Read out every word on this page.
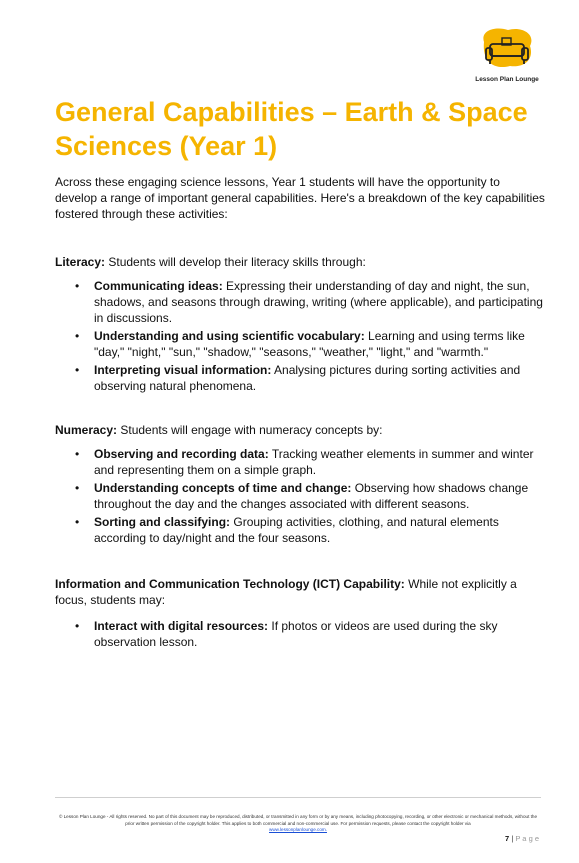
Lesson Plan Lounge
General Capabilities – Earth & Space Sciences (Year 1)

Across these engaging science lessons, Year 1 students will have the opportunity to develop a range of important general capabilities. Here's a breakdown of the key capabilities fostered through these activities:

Literacy: Students will develop their literacy skills through:

• Communicating ideas: Expressing their understanding of day and night, the sun, shadows, and seasons through drawing, writing (where applicable), and participating in discussions.
• Understanding and using scientific vocabulary: Learning and using terms like "day," "night," "sun," "shadow," "seasons," "weather," "light," and "warmth."
• Interpreting visual information: Analysing pictures during sorting activities and observing natural phenomena.

Numeracy: Students will engage with numeracy concepts by:

• Observing and recording data: Tracking weather elements in summer and winter and representing them on a simple graph.
• Understanding concepts of time and change: Observing how shadows change throughout the day and the changes associated with different seasons.
• Sorting and classifying: Grouping activities, clothing, and natural elements according to day/night and the four seasons.

Information and Communication Technology (ICT) Capability: While not explicitly a focus, students may:

• Interact with digital resources: If photos or videos are used during the sky observation lesson.

© Lesson Plan Lounge - All rights reserved. No part of this document may be reproduced, distributed, or transmitted in any form or by any means, including photocopying, recording, or other electronic or mechanical methods, without the prior written permission of the copyright holder. This applies to both commercial and non-commercial use. For permission requests, please contact the copyright holder via
www.lessonplanlounge.com.

7 | P a g e
